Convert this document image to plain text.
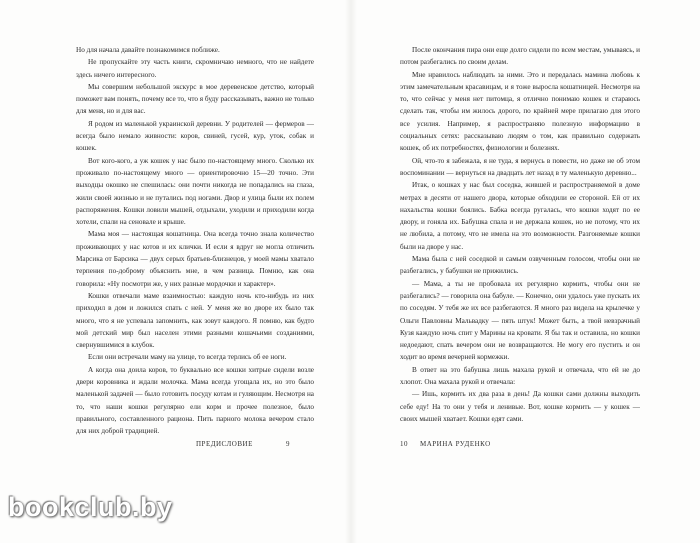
Но для начала давайте познакомимся поближе.

Не пропускайте эту часть книги, скромничаю немного, что не найдете здесь ничего интересного.

Мы совершим небольшой экскурс в мое деревенское детство, который поможет вам понять, почему все то, что я буду рассказывать, важно не только для меня, но и для вас.

Я родом из маленькой украинской деревни. У родителей — фермеров — всегда было немало живности: коров, свиней, гусей, кур, уток, собак и кошек.

Вот кого-кого, а уж кошек у нас было по-настоящему много. Сколько их проживало по-настоящему много — ориентировочно 15—20 точно. Эти выходцы окошко не спешилась: они почти никогда не попадались на глаза, жили своей жизнью и не путались под ногами. Двор и улица были их полем распоряжения. Кошки ловили мышей, отдыхали, уходили и приходили когда хотели, спали на сеновале и крыше.

Мама моя — настоящая кошатница. Она всегда точно знала количество проживающих у нас котов и их клички. И если я вдруг не могла отличить Марсика от Барсика — двух серых братьев-близнецов, у моей мамы хватало терпения по-доброму объяснить мне, в чем разница. Помню, как она говорила: «Ну посмотри же, у них разные мордочки и характер».

Кошки отвечали маме взаимностью: каждую ночь кто-нибудь из них приходил в дом и ложился спать с ней. У меня же во дворе их было так много, что я не успевала запомнить, как зовут каждого. Я помню, как будто мой детский мир был населен этими разными кошачьими созданиями, свернувшимися в клубок.

Если они встречали маму на улице, то всегда терлись об ее ноги.

А когда она доила коров, то буквально все кошки хитрые сидели возле двери коровника и ждали молочка. Мама всегда угощала их, но это было маленькой задачей — было готовить посуду котам и гуляющим. Несмотря на то, что наши кошки регулярно ели корм и прочее полезное, было правильного, составленного рациона. Пить парного молока вечером стало для них доброй традицией.

ПРЕДИСЛОВИЕ	9

После окончания пира они еще долго сидели по всем местам, умываясь, и потом разбегались по своим делам.

Мне нравилось наблюдать за ними. Это и передалась мамина любовь к этим замечательным красавицам, и я тоже выросла кошатницей. Несмотря на то, что сейчас у меня нет питомца, я отлично понимаю кошек и стараюсь сделать так, чтобы им жилось дорого, по крайней мере прилагаю для этого все усилия. Например, я распространяю полезную информацию в социальных сетях: рассказываю людям о том, как правильно содержать кошек, об их потребностях, физиологии и болезнях.

Ой, что-то я забежала, я не туда, я вернусь в повести, но даже не об этом воспоминании — вернуться на двадцать лет назад в ту маленькую деревню...

Итак, о кошках у нас был соседка, жившей и распространяемой в доме метрах в десяти от нашего двора, которые обходили ее стороной. Ей от их нахальства кошки боялись. Бабка всегда ругалась, что кошки ходят по ее двору, и гоняла их. Бабушка спала и не держала кошек, но не потому, что их не любила, а потому, что не имела на это возможности. Разгоняемые кошки были на дворе у нас.

Мама была с ней соседкой и самым озвученным голосом, чтобы они не разбегались, у бабушки не прижились.

— Мама, а ты не пробовала их регулярно кормить, чтобы они не разбегались? — говорила она бабуле. — Конечно, они удалось уже пускать их по соседям. У тебя же их все разбегаются. Я много раз видела на крылечке у Ольги Павловны Мальвадку — пять штук! Может быть, а твой невзрачный Кузя каждую ночь спит у Марины на кровати. Я бы так и оставила, но кошки недоедают, спать вечером они не возвращаются. Не могу его пустить и он ходит во время вечерней кормежки.

В ответ на это бабушка лишь махала рукой и отвечала, что ей не до хлопот. Она махала рукой и отвечала:

— Ишь, кормить их два раза в день! Да кошки сами должны выходить себе еду! На то они у тебя и ленивые. Вот, кошке кормить — у кошек — своих мышей хватает. Кошки едят сами.

10 МАРИНА РУДЕНКО
bookclub.by
